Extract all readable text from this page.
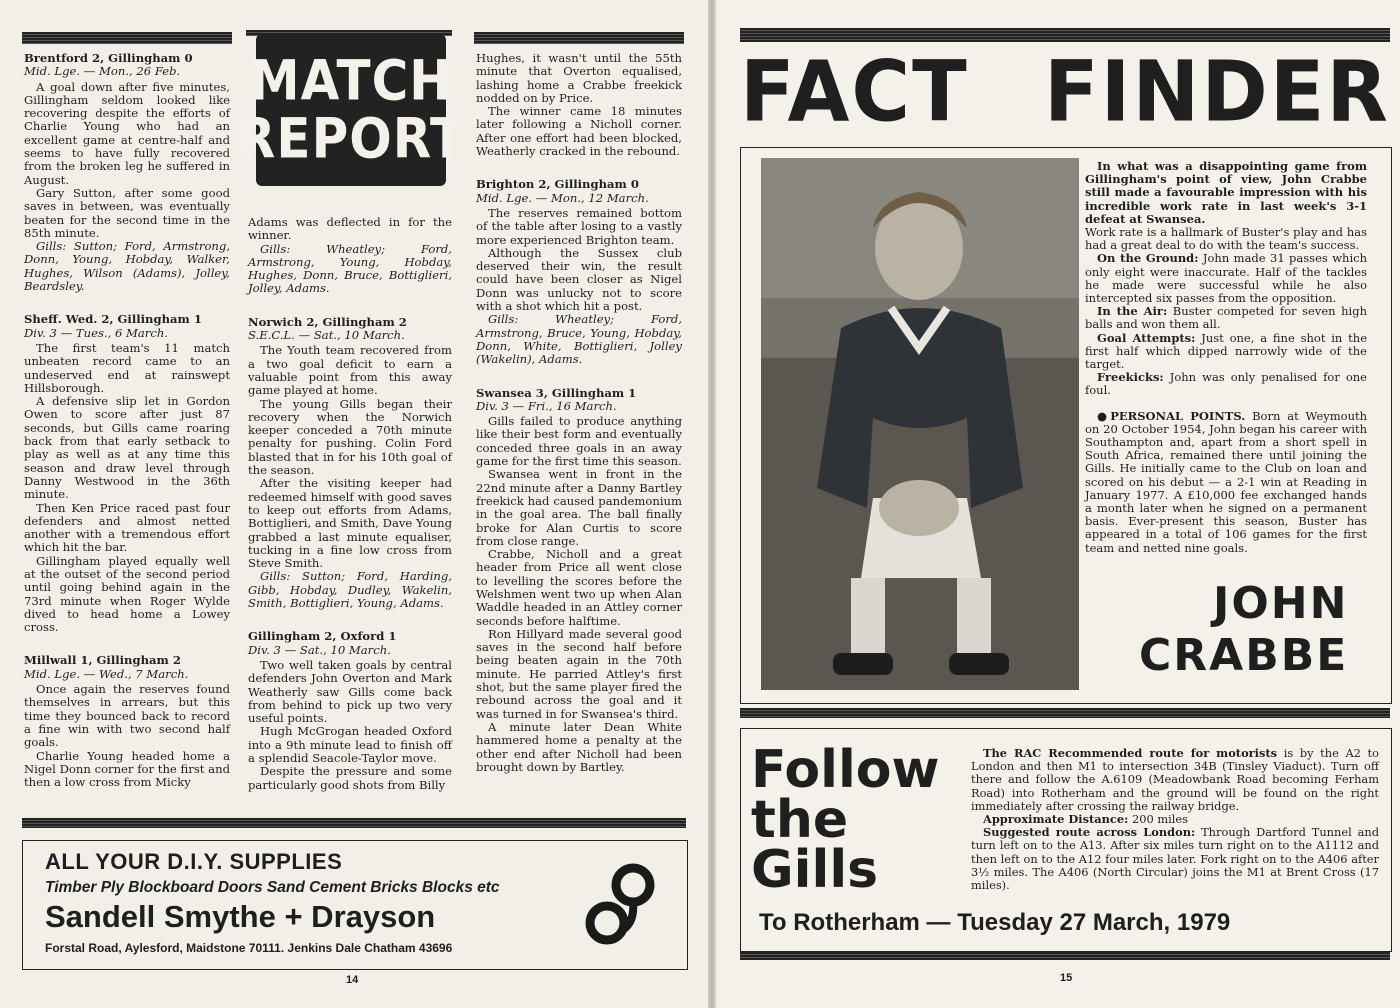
Brentford 2, Gillingham 0

Mid. Lge. — Mon., 26 Feb.

A goal down after five minutes, Gillingham seldom looked like recovering despite the efforts of Charlie Young who had an excellent game at centre-half and seems to have fully recovered from the broken leg he suffered in August.

Gary Sutton, after some good saves in between, was eventually beaten for the second time in the 85th minute.

Gills: Sutton; Ford, Armstrong, Donn, Young, Hobday, Walker, Hughes, Wilson (Adams), Jolley, Beardsley.

Sheff. Wed. 2, Gillingham 1

Div. 3 — Tues., 6 March.

The first team's 11 match unbeaten record came to an undeserved end at rainswept Hillsborough.

A defensive slip let in Gordon Owen to score after just 87 seconds, but Gills came roaring back from that early setback to play as well as at any time this season and draw level through Danny Westwood in the 36th minute.

Then Ken Price raced past four defenders and almost netted another with a tremendous effort which hit the bar.

Gillingham played equally well at the outset of the second period until going behind again in the 73rd minute when Roger Wylde dived to head home a Lowey cross.

Millwall 1, Gillingham 2

Mid. Lge. — Wed., 7 March.

Once again the reserves found themselves in arrears, but this time they bounced back to record a fine win with two second half goals.

Charlie Young headed home a Nigel Donn corner for the first and then a low cross from Micky

MATCH
REPORT

Adams was deflected in for the winner.

Gills: Wheatley; Ford, Armstrong, Young, Hobday, Hughes, Donn, Bruce, Bottiglieri, Jolley, Adams.

Norwich 2, Gillingham 2

S.E.C.L. — Sat., 10 March.

The Youth team recovered from a two goal deficit to earn a valuable point from this away game played at home.

The young Gills began their recovery when the Norwich keeper conceded a 70th minute penalty for pushing. Colin Ford blasted that in for his 10th goal of the season.

After the visiting keeper had redeemed himself with good saves to keep out efforts from Adams, Bottiglieri, and Smith, Dave Young grabbed a last minute equaliser, tucking in a fine low cross from Steve Smith.

Gills: Sutton; Ford, Harding, Gibb, Hobday, Dudley, Wakelin, Smith, Bottiglieri, Young, Adams.

Gillingham 2, Oxford 1

Div. 3 — Sat., 10 March.

Two well taken goals by central defenders John Overton and Mark Weatherly saw Gills come back from behind to pick up two very useful points.

Hugh McGrogan headed Oxford into a 9th minute lead to finish off a splendid Seacole-Taylor move.

Despite the pressure and some particularly good shots from Billy

Hughes, it wasn't until the 55th minute that Overton equalised, lashing home a Crabbe freekick nodded on by Price.

The winner came 18 minutes later following a Nicholl corner. After one effort had been blocked, Weatherly cracked in the rebound.

Brighton 2, Gillingham 0

Mid. Lge. — Mon., 12 March.

The reserves remained bottom of the table after losing to a vastly more experienced Brighton team.

Although the Sussex club deserved their win, the result could have been closer as Nigel Donn was unlucky not to score with a shot which hit a post.

Gills: Wheatley; Ford, Armstrong, Bruce, Young, Hobday, Donn, White, Bottiglieri, Jolley (Wakelin), Adams.

Swansea 3, Gillingham 1

Div. 3 — Fri., 16 March.

Gills failed to produce anything like their best form and eventually conceded three goals in an away game for the first time this season.

Swansea went in front in the 22nd minute after a Danny Bartley freekick had caused pandemonium in the goal area. The ball finally broke for Alan Curtis to score from close range.

Crabbe, Nicholl and a great header from Price all went close to levelling the scores before the Welshmen went two up when Alan Waddle headed in an Attley corner seconds before halftime.

Ron Hillyard made several good saves in the second half before being beaten again in the 70th minute. He parried Attley's first shot, but the same player fired the rebound across the goal and it was turned in for Swansea's third.

A minute later Dean White hammered home a penalty at the other end after Nicholl had been brought down by Bartley.

ALL YOUR D.I.Y. SUPPLIES
Timber Ply Blockboard Doors Sand Cement Bricks Blocks etc
Sandell Smythe + Drayson
Forstal Road, Aylesford, Maidstone 70111. Jenkins Dale Chatham 43696
14
FACT FINDER

In what was a disappointing game from Gillingham's point of view, John Crabbe still made a favourable impression with his incredible work rate in last week's 3-1 defeat at Swansea.

Work rate is a hallmark of Buster's play and has had a great deal to do with the team's success.

On the Ground: John made 31 passes which only eight were inaccurate. Half of the tackles he made were successful while he also intercepted six passes from the opposition.

In the Air: Buster competed for seven high balls and won them all.

Goal Attempts: Just one, a fine shot in the first half which dipped narrowly wide of the target.

Freekicks: John was only penalised for one foul.

●PERSONAL POINTS. Born at Weymouth on 20 October 1954, John began his career with Southampton and, apart from a short spell in South Africa, remained there until joining the Gills. He initially came to the Club on loan and scored on his debut — a 2-1 win at Reading in January 1977. A £10,000 fee exchanged hands a month later when he signed on a permanent basis. Ever-present this season, Buster has appeared in a total of 106 games for the first team and netted nine goals.

JOHN
CRABBE
Follow
the
Gills

The RAC Recommended route for motorists is by the A2 to London and then M1 to intersection 34B (Tinsley Viaduct). Turn off there and follow the A.6109 (Meadowbank Road becoming Ferham Road) into Rotherham and the ground will be found on the right immediately after crossing the railway bridge.

Approximate Distance: 200 miles

Suggested route across London: Through Dartford Tunnel and turn left on to the A13. After six miles turn right on to the A1112 and then left on to the A12 four miles later. Fork right on to the A406 after 3½ miles. The A406 (North Circular) joins the M1 at Brent Cross (17 miles).

To Rotherham — Tuesday 27 March, 1979
15
